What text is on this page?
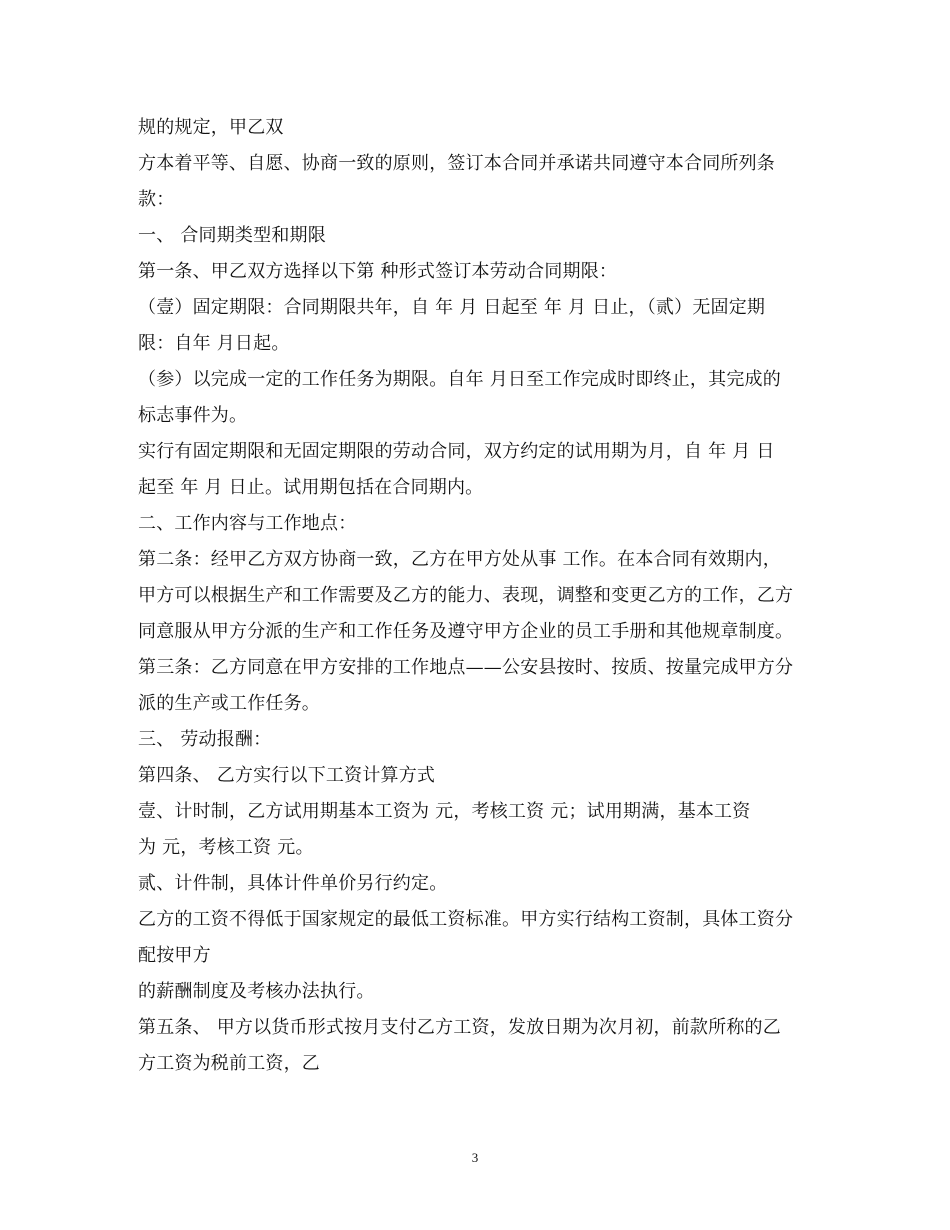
规的规定，甲乙双
方本着平等、自愿、协商一致的原则，签订本合同并承诺共同遵守本合同所列条
款：
一、 合同期类型和期限
第一条、甲乙双方选择以下第 种形式签订本劳动合同期限：
（壹）固定期限：合同期限共年，自 年 月 日起至 年 月 日止，（贰）无固定期
限：自年 月日起。
（参）以完成一定的工作任务为期限。自年 月日至工作完成时即终止，其完成的
标志事件为。
实行有固定期限和无固定期限的劳动合同，双方约定的试用期为月，自 年 月 日
起至 年 月 日止。试用期包括在合同期内。
二、工作内容与工作地点：
第二条：经甲乙方双方协商一致，乙方在甲方处从事 工作。在本合同有效期内，
甲方可以根据生产和工作需要及乙方的能力、表现，调整和变更乙方的工作，乙方
同意服从甲方分派的生产和工作任务及遵守甲方企业的员工手册和其他规章制度。
第三条：乙方同意在甲方安排的工作地点——公安县按时、按质、按量完成甲方分
派的生产或工作任务。
三、 劳动报酬：
第四条、 乙方实行以下工资计算方式
壹、计时制，乙方试用期基本工资为 元，考核工资 元；试用期满，基本工资
为 元，考核工资 元。
贰、计件制，具体计件单价另行约定。
乙方的工资不得低于国家规定的最低工资标准。甲方实行结构工资制，具体工资分
配按甲方
的薪酬制度及考核办法执行。
第五条、 甲方以货币形式按月支付乙方工资，发放日期为次月初，前款所称的乙
方工资为税前工资，乙
3
